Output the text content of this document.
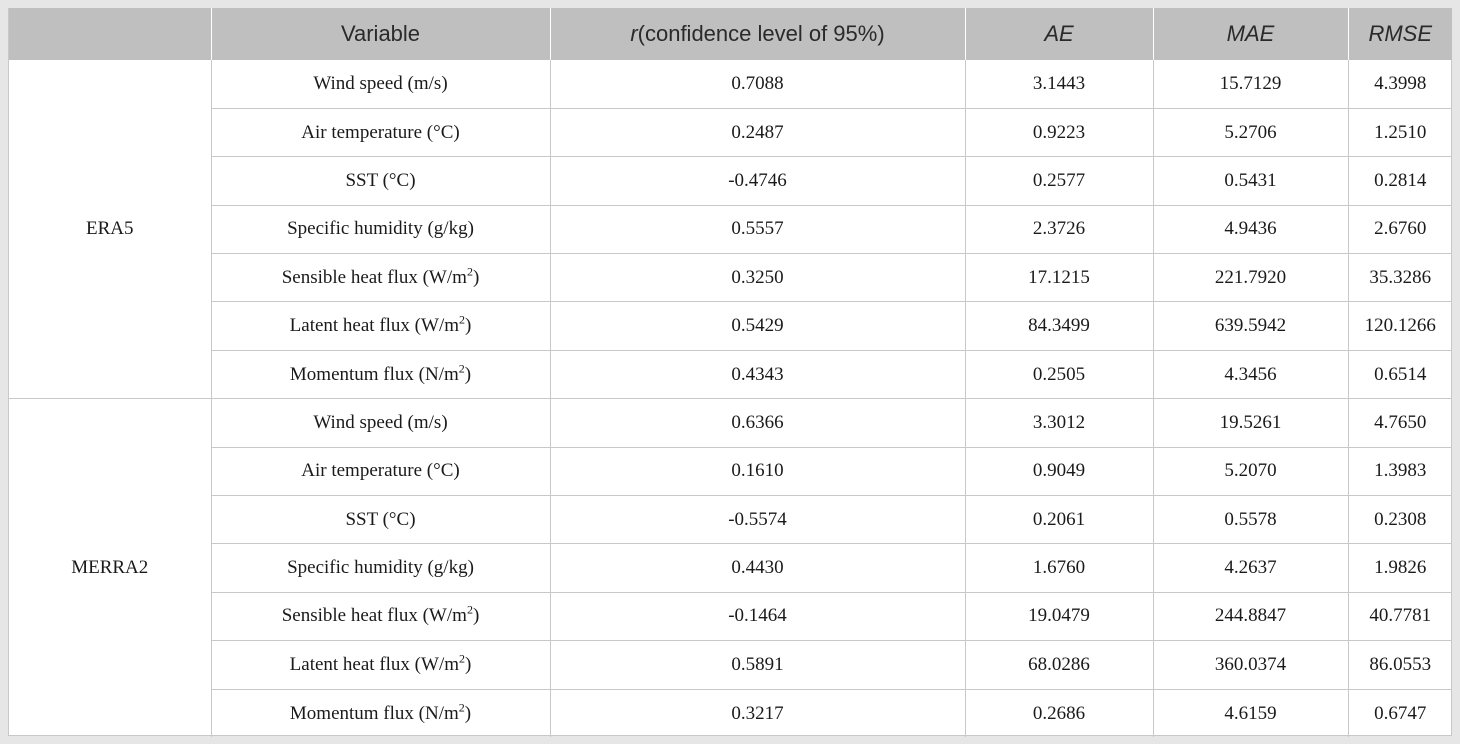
	Variable	r(confidence level of 95%)	AE	MAE	RMSE
ERA5	Wind speed (m/s)	0.7088	3.1443	15.7129	4.3998
	Air temperature (°C)	0.2487	0.9223	5.2706	1.2510
	SST (°C)	-0.4746	0.2577	0.5431	0.2814
	Specific humidity (g/kg)	0.5557	2.3726	4.9436	2.6760
	Sensible heat flux $(W/m^2)$	0.3250	17.1215	221.7920	35.3286
	Latent heat flux $(W/m^2)$	0.5429	84.3499	639.5942	120.1266
	Momentum flux $(N/m^2)$	0.4343	0.2505	4.3456	0.6514
MERRA2	Wind speed (m/s)	0.6366	3.3012	19.5261	4.7650
	Air temperature (°C)	0.1610	0.9049	5.2070	1.3983
	SST (°C)	-0.5574	0.2061	0.5578	0.2308
	Specific humidity (g/kg)	0.4430	1.6760	4.2637	1.9826
	Sensible heat flux $(W/m^2)$	-0.1464	19.0479	244.8847	40.7781
	Latent heat flux $(W/m^2)$	0.5891	68.0286	360.0374	86.0553
	Momentum flux $(N/m^2)$	0.3217	0.2686	4.6159	0.6747
